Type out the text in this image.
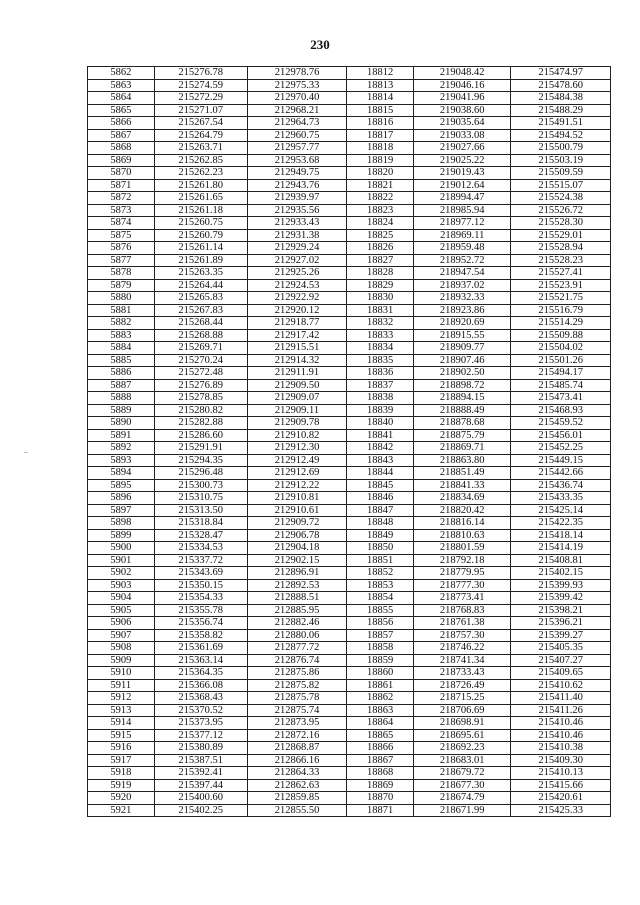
230
5862	215276.78	212978.76	18812	219048.42	215474.97
5863	215274.59	212975.33	18813	219046.16	215478.60
5864	215272.29	212970.40	18814	219041.96	215484.38
5865	215271.07	212968.21	18815	219038.60	215488.29
5866	215267.54	212964.73	18816	219035.64	215491.51
5867	215264.79	212960.75	18817	219033.08	215494.52
5868	215263.71	212957.77	18818	219027.66	215500.79
5869	215262.85	212953.68	18819	219025.22	215503.19
5870	215262.23	212949.75	18820	219019.43	215509.59
5871	215261.80	212943.76	18821	219012.64	215515.07
5872	215261.65	212939.97	18822	218994.47	215524.38
5873	215261.18	212935.56	18823	218985.94	215526.72
5874	215260.75	212933.43	18824	218977.12	215528.30
5875	215260.79	212931.38	18825	218969.11	215529.01
5876	215261.14	212929.24	18826	218959.48	215528.94
5877	215261.89	212927.02	18827	218952.72	215528.23
5878	215263.35	212925.26	18828	218947.54	215527.41
5879	215264.44	212924.53	18829	218937.02	215523.91
5880	215265.83	212922.92	18830	218932.33	215521.75
5881	215267.83	212920.12	18831	218923.86	215516.79
5882	215268.44	212918.77	18832	218920.69	215514.29
5883	215268.88	212917.42	18833	218915.55	215509.88
5884	215269.71	212915.51	18834	218909.77	215504.02
5885	215270.24	212914.32	18835	218907.46	215501.26
5886	215272.48	212911.91	18836	218902.50	215494.17
5887	215276.89	212909.50	18837	218898.72	215485.74
5888	215278.85	212909.07	18838	218894.15	215473.41
5889	215280.82	212909.11	18839	218888.49	215468.93
5890	215282.88	212909.78	18840	218878.68	215459.52
5891	215286.60	212910.82	18841	218875.79	215456.01
5892	215291.91	212912.30	18842	218869.71	215452.25
5893	215294.35	212912.49	18843	218863.80	215449.15
5894	215296.48	212912.69	18844	218851.49	215442.66
5895	215300.73	212912.22	18845	218841.33	215436.74
5896	215310.75	212910.81	18846	218834.69	215433.35
5897	215313.50	212910.61	18847	218820.42	215425.14
5898	215318.84	212909.72	18848	218816.14	215422.35
5899	215328.47	212906.78	18849	218810.63	215418.14
5900	215334.53	212904.18	18850	218801.59	215414.19
5901	215337.72	212902.15	18851	218792.18	215408.81
5902	215343.69	212896.91	18852	218779.95	215402.15
5903	215350.15	212892.53	18853	218777.30	215399.93
5904	215354.33	212888.51	18854	218773.41	215399.42
5905	215355.78	212885.95	18855	218768.83	215398.21
5906	215356.74	212882.46	18856	218761.38	215396.21
5907	215358.82	212880.06	18857	218757.30	215399.27
5908	215361.69	212877.72	18858	218746.22	215405.35
5909	215363.14	212876.74	18859	218741.34	215407.27
5910	215364.35	212875.86	18860	218733.43	215409.65
5911	215366.08	212875.82	18861	218726.49	215410.62
5912	215368.43	212875.78	18862	218715.25	215411.40
5913	215370.52	212875.74	18863	218706.69	215411.26
5914	215373.95	212873.95	18864	218698.91	215410.46
5915	215377.12	212872.16	18865	218695.61	215410.46
5916	215380.89	212868.87	18866	218692.23	215410.38
5917	215387.51	212866.16	18867	218683.01	215409.30
5918	215392.41	212864.33	18868	218679.72	215410.13
5919	215397.44	212862.63	18869	218677.30	215415.66
5920	215400.60	212859.85	18870	218674.79	215420.61
5921	215402.25	212855.50	18871	218671.99	215425.33
